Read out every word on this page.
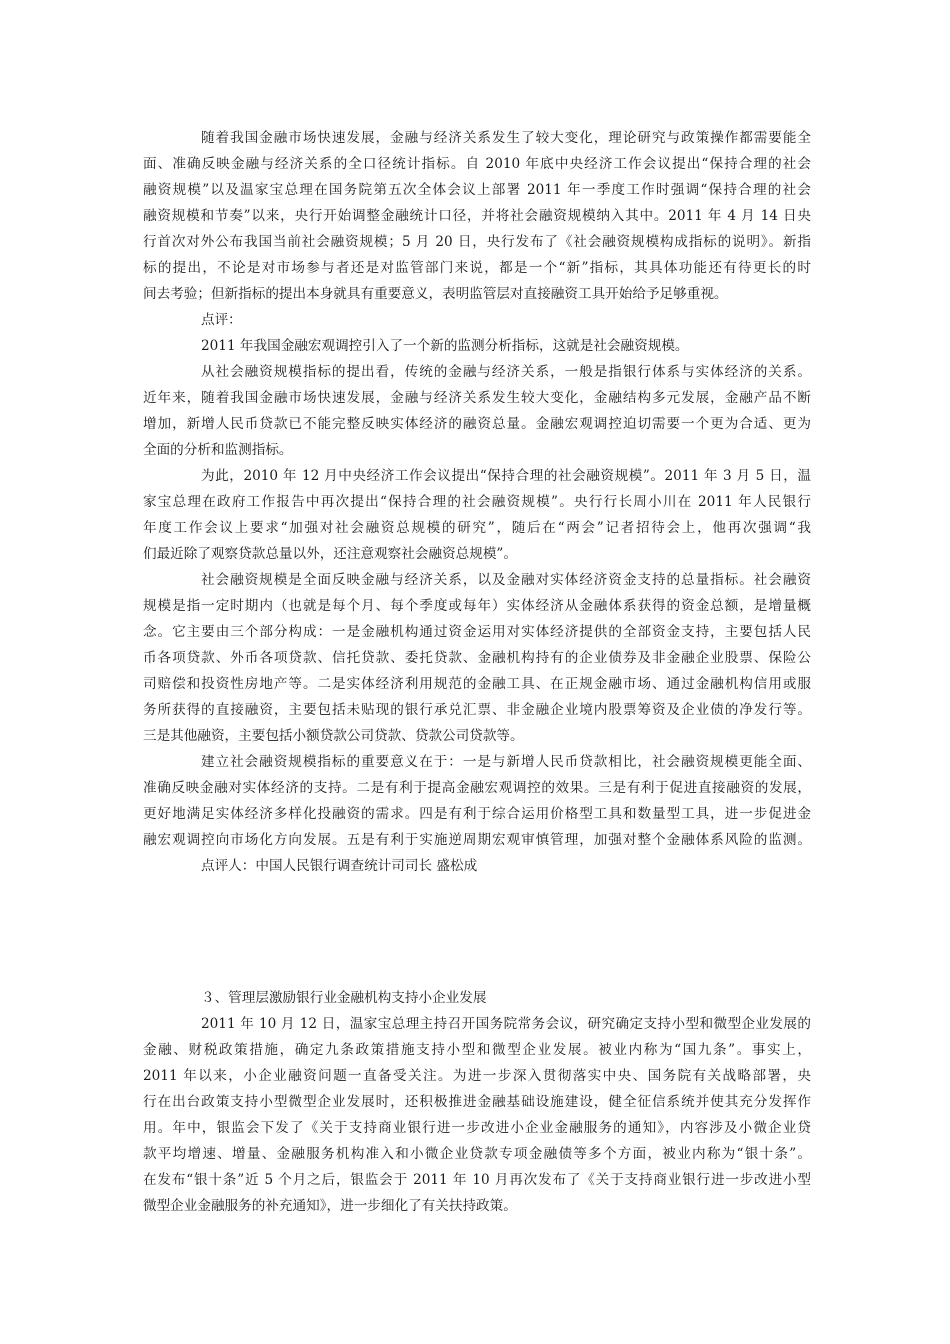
随着我国金融市场快速发展，金融与经济关系发生了较大变化，理论研究与政策操作都需要能全
面、准确反映金融与经济关系的全口径统计指标。自 2010 年底中央经济工作会议提出“保持合理的社会
融资规模”以及温家宝总理在国务院第五次全体会议上部署 2011 年一季度工作时强调“保持合理的社会
融资规模和节奏”以来，央行开始调整金融统计口径，并将社会融资规模纳入其中。2011 年 4 月 14 日央
行首次对外公布我国当前社会融资规模；5 月 20 日，央行发布了《社会融资规模构成指标的说明》。新指
标的提出，不论是对市场参与者还是对监管部门来说，都是一个“新”指标，其具体功能还有待更长的时
间去考验；但新指标的提出本身就具有重要意义，表明监管层对直接融资工具开始给予足够重视。
点评：
2011 年我国金融宏观调控引入了一个新的监测分析指标，这就是社会融资规模。
从社会融资规模指标的提出看，传统的金融与经济关系，一般是指银行体系与实体经济的关系。
近年来，随着我国金融市场快速发展，金融与经济关系发生较大变化，金融结构多元发展，金融产品不断
增加，新增人民币贷款已不能完整反映实体经济的融资总量。金融宏观调控迫切需要一个更为合适、更为
全面的分析和监测指标。
为此，2010 年 12 月中央经济工作会议提出“保持合理的社会融资规模”。2011 年 3 月 5 日，温
家宝总理在政府工作报告中再次提出“保持合理的社会融资规模”。央行行长周小川在 2011 年人民银行
年度工作会议上要求“加强对社会融资总规模的研究”，随后在“两会”记者招待会上，他再次强调“我
们最近除了观察贷款总量以外，还注意观察社会融资总规模”。
社会融资规模是全面反映金融与经济关系，以及金融对实体经济资金支持的总量指标。社会融资
规模是指一定时期内（也就是每个月、每个季度或每年）实体经济从金融体系获得的资金总额，是增量概
念。它主要由三个部分构成：一是金融机构通过资金运用对实体经济提供的全部资金支持，主要包括人民
币各项贷款、外币各项贷款、信托贷款、委托贷款、金融机构持有的企业债券及非金融企业股票、保险公
司赔偿和投资性房地产等。二是实体经济利用规范的金融工具、在正规金融市场、通过金融机构信用或服
务所获得的直接融资，主要包括未贴现的银行承兑汇票、非金融企业境内股票筹资及企业债的净发行等。
三是其他融资，主要包括小额贷款公司贷款、贷款公司贷款等。
建立社会融资规模指标的重要意义在于：一是与新增人民币贷款相比，社会融资规模更能全面、
准确反映金融对实体经济的支持。二是有利于提高金融宏观调控的效果。三是有利于促进直接融资的发展，
更好地满足实体经济多样化投融资的需求。四是有利于综合运用价格型工具和数量型工具，进一步促进金
融宏观调控向市场化方向发展。五是有利于实施逆周期宏观审慎管理，加强对整个金融体系风险的监测。
点评人：中国人民银行调查统计司司长 盛松成
３、管理层激励银行业金融机构支持小企业发展
2011 年 10 月 12 日，温家宝总理主持召开国务院常务会议，研究确定支持小型和微型企业发展的
金融、财税政策措施，确定九条政策措施支持小型和微型企业发展。被业内称为“国九条”。事实上，
2011 年以来，小企业融资问题一直备受关注。为进一步深入贯彻落实中央、国务院有关战略部署，央
行在出台政策支持小型微型企业发展时，还积极推进金融基础设施建设，健全征信系统并使其充分发挥作
用。年中，银监会下发了《关于支持商业银行进一步改进小企业金融服务的通知》，内容涉及小微企业贷
款平均增速、增量、金融服务机构准入和小微企业贷款专项金融债等多个方面，被业内称为“银十条”。
在发布“银十条”近 5 个月之后，银监会于 2011 年 10 月再次发布了《关于支持商业银行进一步改进小型
微型企业金融服务的补充通知》，进一步细化了有关扶持政策。
